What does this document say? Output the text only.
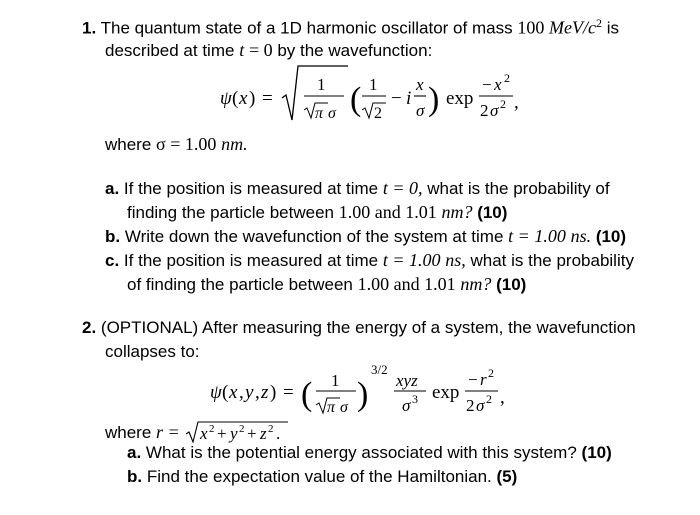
1. The quantum state of a 1D harmonic oscillator of mass 100 MeV/$c^2$ is
described at time t = 0 by the wavefunction:
ψ ( x ) =
1
π σ ( 1
2
− i
x
σ ) exp
− x 2
2 σ 2 ,
where σ = 1.00 nm.
a. If the position is measured at time t = 0, what is the probability of
finding the particle between 1.00 and 1.01 nm? (10)
b. Write down the wavefunction of the system at time t = 1.00 ns. (10)
c. If the position is measured at time t = 1.00 ns, what is the probability
of finding the particle between 1.00 and 1.01 nm? (10)
2. (OPTIONAL) After measuring the energy of a system, the wavefunction
collapses to:
ψ ( x , y , z ) = ( 1
π σ )
3/2
xyz
σ 3 exp
− r 2
2 σ 2 ,
where r = x 2 + y 2 + z 2 .
a. What is the potential energy associated with this system? (10)
b. Find the expectation value of the Hamiltonian. (5)
